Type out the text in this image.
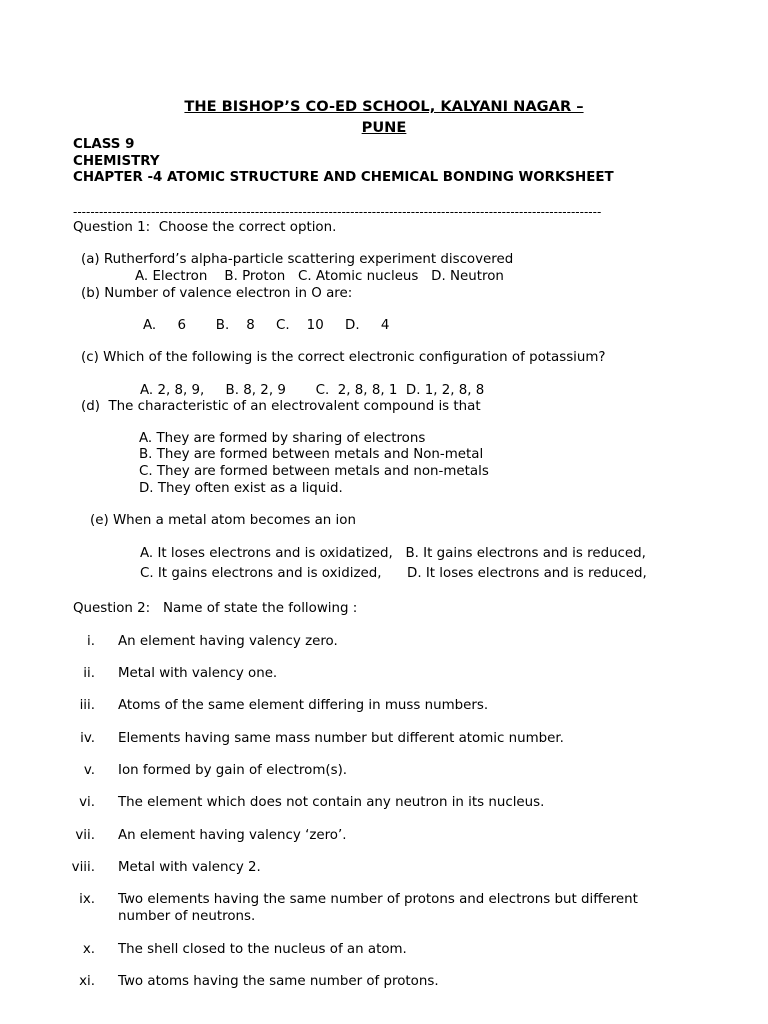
THE BISHOP’S CO-ED SCHOOL, KALYANI NAGAR –
PUNE
CLASS 9
CHEMISTRY
CHAPTER -4 ATOMIC STRUCTURE AND CHEMICAL BONDING WORKSHEET
--------------------------------------------------------------------------------------------------------------------------
Question 1:  Choose the correct option.
(a) Rutherford’s alpha-particle scattering experiment discovered
A. Electron    B. Proton   C. Atomic nucleus   D. Neutron
(b) Number of valence electron in O are:
A.     6       B.    8     C.    10     D.     4
(c) Which of the following is the correct electronic configuration of potassium?
A. 2, 8, 9,     B. 8, 2, 9       C.  2, 8, 8, 1  D. 1, 2, 8, 8
(d)  The characteristic of an electrovalent compound is that
A. They are formed by sharing of electrons
B. They are formed between metals and Non-metal
C. They are formed between metals and non-metals
D. They often exist as a liquid.
(e) When a metal atom becomes an ion
A. It loses electrons and is oxidatized,   B. It gains electrons and is reduced,
C. It gains electrons and is oxidized,      D. It loses electrons and is reduced,
Question 2:   Name of state the following :
i. An element having valency zero.
ii. Metal with valency one.
iii. Atoms of the same element differing in muss numbers.
iv. Elements having same mass number but different atomic number.
v. Ion formed by gain of electrom(s).
vi. The element which does not contain any neutron in its nucleus.
vii. An element having valency ‘zero’.
viii. Metal with valency 2.
ix. Two elements having the same number of protons and electrons but different
number of neutrons.
x. The shell closed to the nucleus of an atom.
xi. Two atoms having the same number of protons.
